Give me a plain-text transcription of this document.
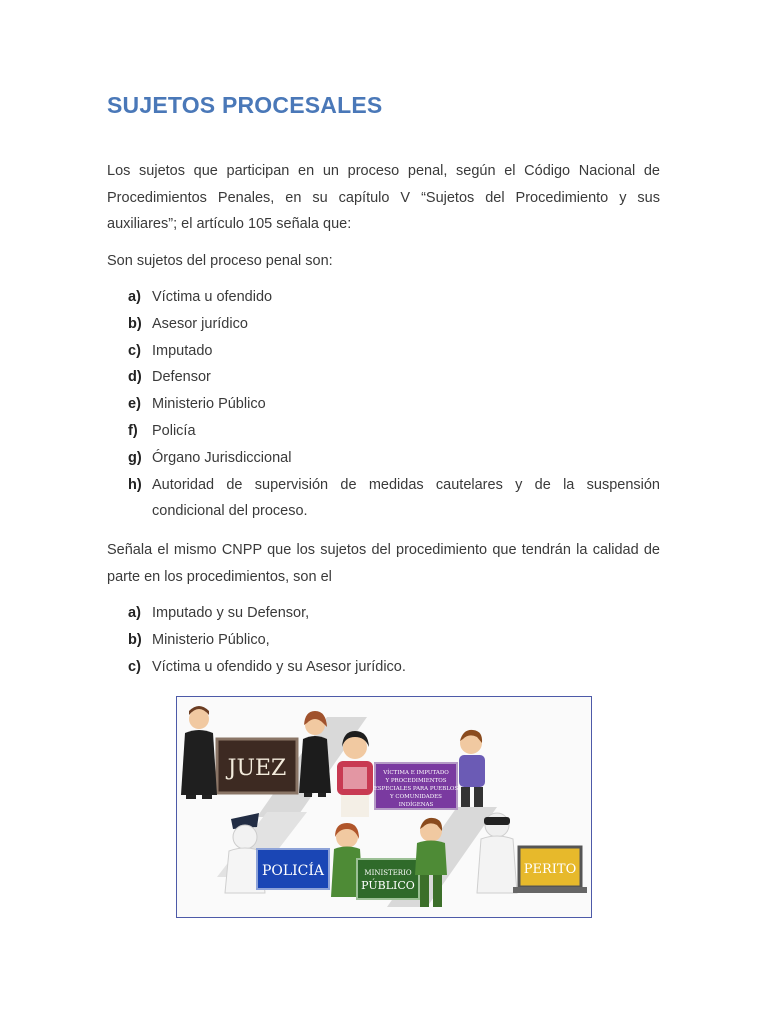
SUJETOS PROCESALES

Los sujetos que participan en un proceso penal, según el Código Nacional de Procedimientos Penales, en su capítulo V “Sujetos del Procedimiento y sus auxiliares”; el artículo 105 señala que:

Son sujetos del proceso penal son:

a) Víctima u ofendido
b) Asesor jurídico
c) Imputado
d) Defensor
e) Ministerio Público
f) Policía
g) Órgano Jurisdiccional
h) Autoridad de supervisión de medidas cautelares y de la suspensión condicional del proceso.

Señala el mismo CNPP que los sujetos del procedimiento que tendrán la calidad de parte en los procedimientos, son el

a) Imputado y su Defensor,
b) Ministerio Público,
c) Víctima u ofendido y su Asesor jurídico.
JUEZ	VÍCTIMA E IMPUTADO
Y PROCEDIMIENTOS
ESPECIALES PARA PUEBLOS
Y COMUNIDADES
INDÍGENAS
POLICÍA	MINISTERIO
PÚBLICO
PERITO
